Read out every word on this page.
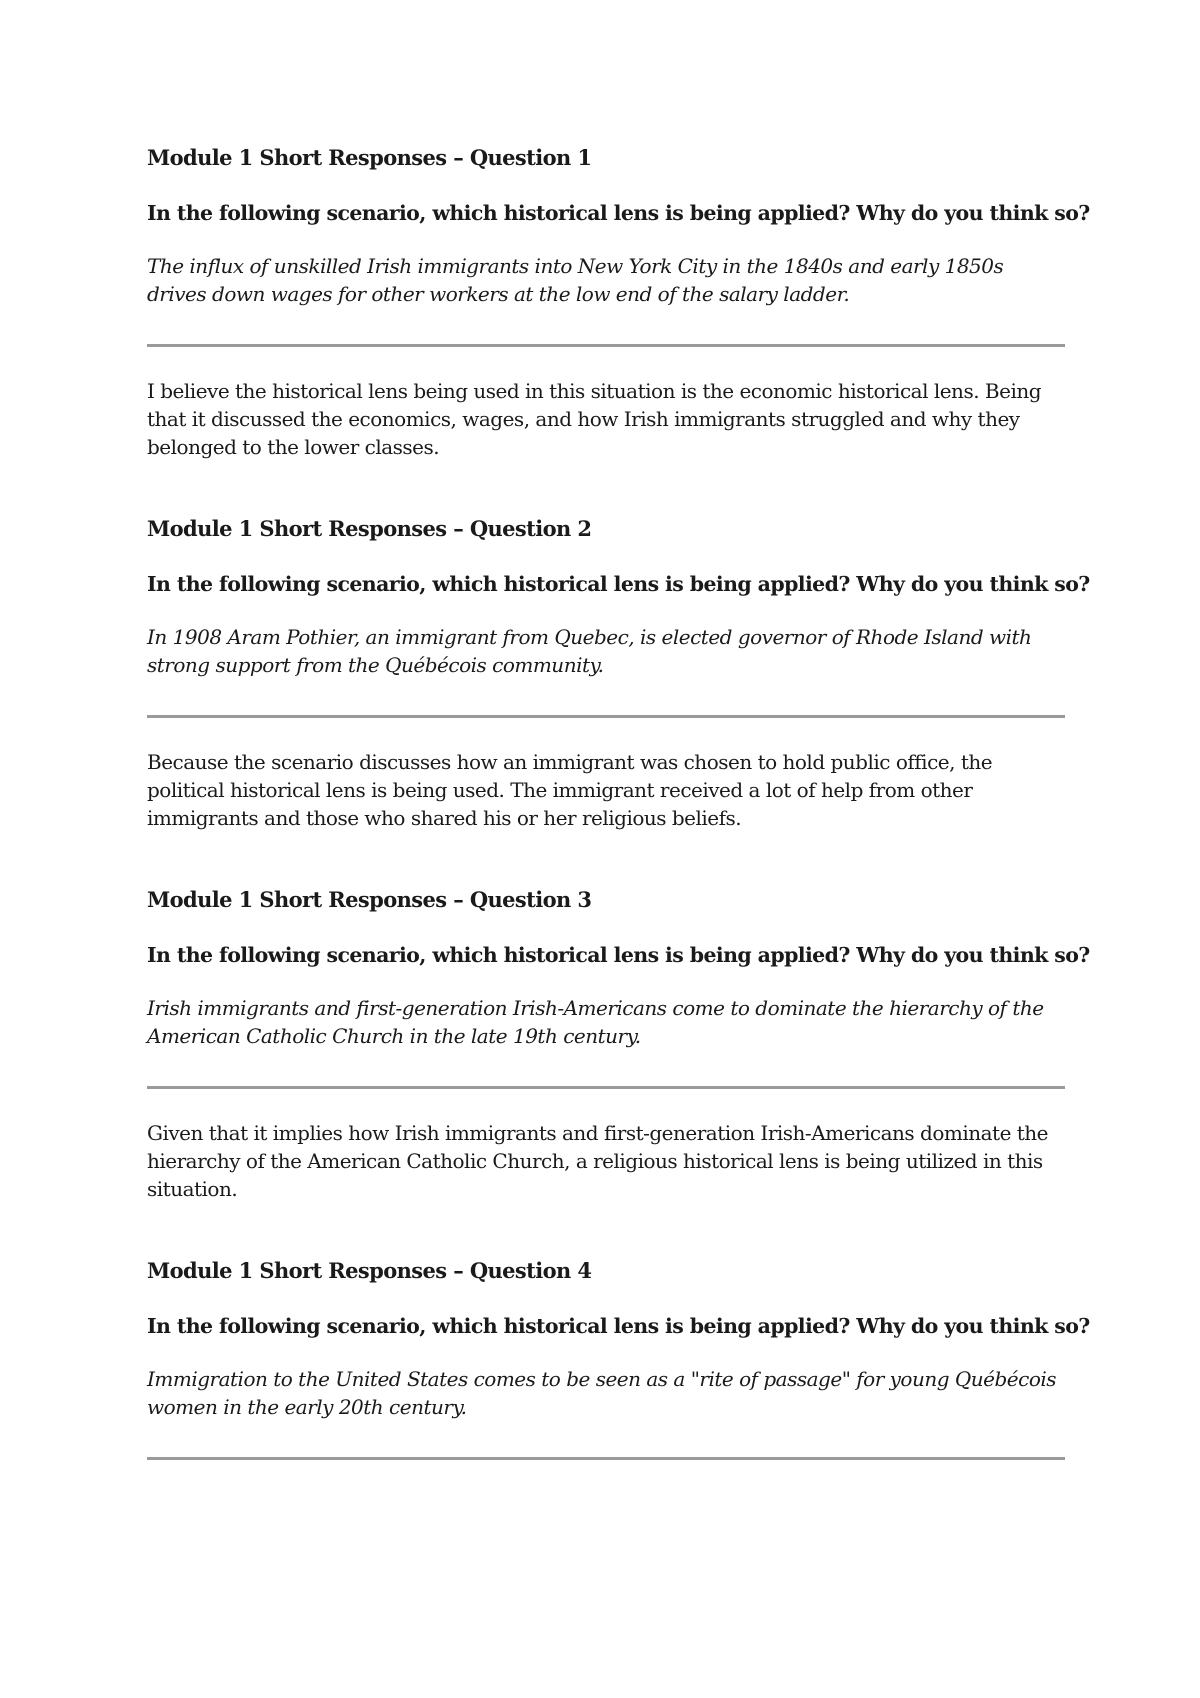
Module 1 Short Responses – Question 1

In the following scenario, which historical lens is being applied? Why do you think so?

The influx of unskilled Irish immigrants into New York City in the 1840s and early 1850s drives down wages for other workers at the low end of the salary ladder.

I believe the historical lens being used in this situation is the economic historical lens. Being that it discussed the economics, wages, and how Irish immigrants struggled and why they belonged to the lower classes.

Module 1 Short Responses – Question 2

In the following scenario, which historical lens is being applied? Why do you think so?

In 1908 Aram Pothier, an immigrant from Quebec, is elected governor of Rhode Island with strong support from the Québécois community.

Because the scenario discusses how an immigrant was chosen to hold public office, the political historical lens is being used. The immigrant received a lot of help from other immigrants and those who shared his or her religious beliefs.

Module 1 Short Responses – Question 3

In the following scenario, which historical lens is being applied? Why do you think so?

Irish immigrants and first-generation Irish-Americans come to dominate the hierarchy of the American Catholic Church in the late 19th century.

Given that it implies how Irish immigrants and first-generation Irish-Americans dominate the hierarchy of the American Catholic Church, a religious historical lens is being utilized in this situation.

Module 1 Short Responses – Question 4

In the following scenario, which historical lens is being applied? Why do you think so?

Immigration to the United States comes to be seen as a "rite of passage" for young Québécois women in the early 20th century.
